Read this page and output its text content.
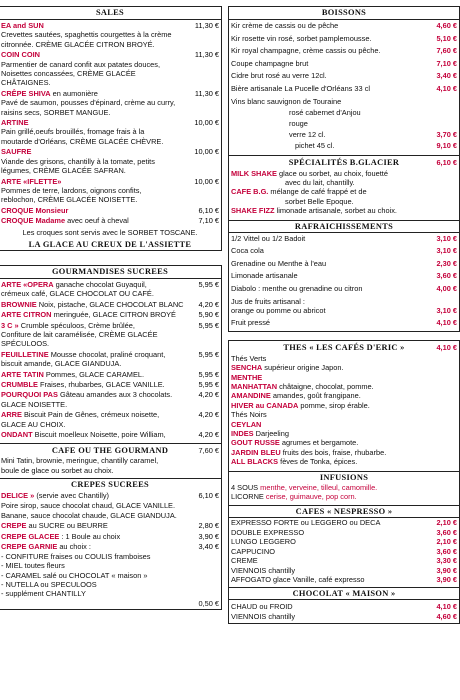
SALES
EA and SUN	11,30 €
Crevettes sautées, spaghettis courgettes à la crème
citronnée. CRÈME GLACÉE CITRON BROYÉ.
COIN COIN	11,30 €
Parmentier de canard confit aux patates douces,
Noisettes concassées, CRÈME GLACÉE CHÂTAIGNES.
CRÊPE SHIVA en aumonière	11,30 €
Pavé de saumon, pousses d'épinard, crème au curry,
raisins secs, SORBET MANGUE.
ARTINE	10,00 €
Pain grillé,oeufs brouillés, fromage frais à la
moutarde d'Orléans, CRÈME GLACÉE CHÈVRE.
SAUFRE	10,00 €
Viande des grisons, chantilly à la tomate, petits
légumes, CRÈME GLACÉE SAFRAN.
ARTE «IFLETTE»	10,00 €
Pommes de terre, lardons, oignons confits,
reblochon, CRÈME GLACÉE NOISETTE.
CROQUE Monsieur	6,10 €
CROQUE Madame avec oeuf à cheval	7,10 €
Les croques sont servis avec le SORBET TOSCANE.
LA GLACE AU CREUX DE L'ASSIETTE
GOURMANDISES SUCREES
ARTE «OPERA ganache chocolat Guyaquil,	5,95 €
crémeux café, GLACE CHOCOLAT OU CAFÉ.
BROWNIE Noix, pistache, GLACE CHOCOLAT BLANC 4,20 €
ARTE CITRON meringuée, GLACE CITRON BROYÉ	5,90 €
3 C » Crumble spéculoos, Crème brûlée,	5,95 €
Confiture de lait caramélisée, CRÈME GLACÉE SPÉCULOOS.
FEUILLETINE Mousse chocolat, praliné croquant,	5,95 €
biscuit amande, GLACE GIANDUJA.
ARTE TATIN Pommes, GLACE CARAMEL.	5,95 €
CRUMBLE Fraises, rhubarbes, GLACE VANILLE.	5,95 €
POURQUOI PAS Gâteau amandes aux 3 chocolats.	4,20 €
GLACE NOISETTE.
ARRE Biscuit Pain de Gênes, crémeux noisette,	4,20 €
GLACE AU CHOIX.
ONDANT Biscuit moelleux Noisette, poire William,	4,20 €
CAFE OU THE GOURMAND	7,60 €
Mini Tatin, brownie, meringue, chantilly caramel,
boule de glace ou sorbet au choix.
CREPES SUCREES
DELICE » (servie avec Chantilly)	6,10 €
Poire sirop, sauce chocolat chaud, GLACE VANILLE.
Banane, sauce chocolat chaude, GLACE GIANDUJA.
CREPE au SUCRE ou BEURRE	2,80 €
CREPE GLACEE : 1 Boule au choix	3,90 €
CREPE GARNIE au choix :	3,40 €
- CONFITURE fraises ou COULIS framboises
- MIEL toutes fleurs
- CARAMEL salé ou CHOCOLAT « maison »
- NUTELLA ou SPECULOOS
- supplément CHANTILLY
0,50 €
BOISSONS
Kir crème de cassis ou de pêche	4,60 €
Kir rosette vin rosé, sorbet pamplemousse.	5,10 €
Kir royal champagne, crème cassis ou pêche.	7,60 €
Coupe champagne brut	7,10 €
Cidre brut rosé au verre 12cl.	3,40 €
Bière artisanale La Pucelle d'Orléans 33 cl	4,10 €
Vins blanc sauvignon de Touraine
rosé cabernet d'Anjou
rouge
verre 12 cl.	3,70 €
pichet 45 cl.	9,10 €
SPÉCIALITÉS B.GLACIER	6,10 €
MILK SHAKE glace ou sorbet, au choix, fouetté
avec du lait, chantilly.
CAFE B.G. mélange de café frappé et de
sorbet Belle Epoque.
SHAKE FIZZ limonade artisanale, sorbet au choix.
RAFRAICHISSEMENTS
1/2 Vittel ou 1/2 Badoit	3,10 €
Coca cola	3,10 €
Grenadine ou Menthe à l'eau	2,30 €
Limonade artisanale	3,60 €
Diabolo : menthe ou grenadine ou citron	4,00 €
Jus de fruits artisanal :
orange ou pomme ou abricot	3,10 €
Fruit pressé	4,10 €
THES « LES CAFÉS D'ERIC »	4,10 €
Thés Verts
SENCHA supérieur origine Japon.
MENTHE
MANHATTAN châtaigne, chocolat, pomme.
AMANDINE amandes, goût frangipane.
HIVER au CANADA pomme, sirop érable.
Thés Noirs
CEYLAN
INDES Darjeeling
GOUT RUSSE agrumes et bergamote.
JARDIN BLEU fruits des bois, fraise, rhubarbe.
ALL BLACKS fèves de Tonka, épices.
INFUSIONS
4 SOUS menthe, verveine, tilleul, camomille.
LICORNE cerise, guimauve, pop corn.
CAFES « NESPRESSO »
EXPRESSO FORTE ou LEGGERO ou DECA	2,10 €
DOUBLE EXPRESSO	3,60 €
LUNGO LEGGERO	2,10 €
CAPPUCINO	3,60 €
CREME	3,30 €
VIENNOIS chantilly	3,90 €
AFFOGATO glace Vanille, café expresso	3,90 €
CHOCOLAT « MAISON »
CHAUD ou FROID	4,10 €
VIENNOIS chantilly	4,60 €
